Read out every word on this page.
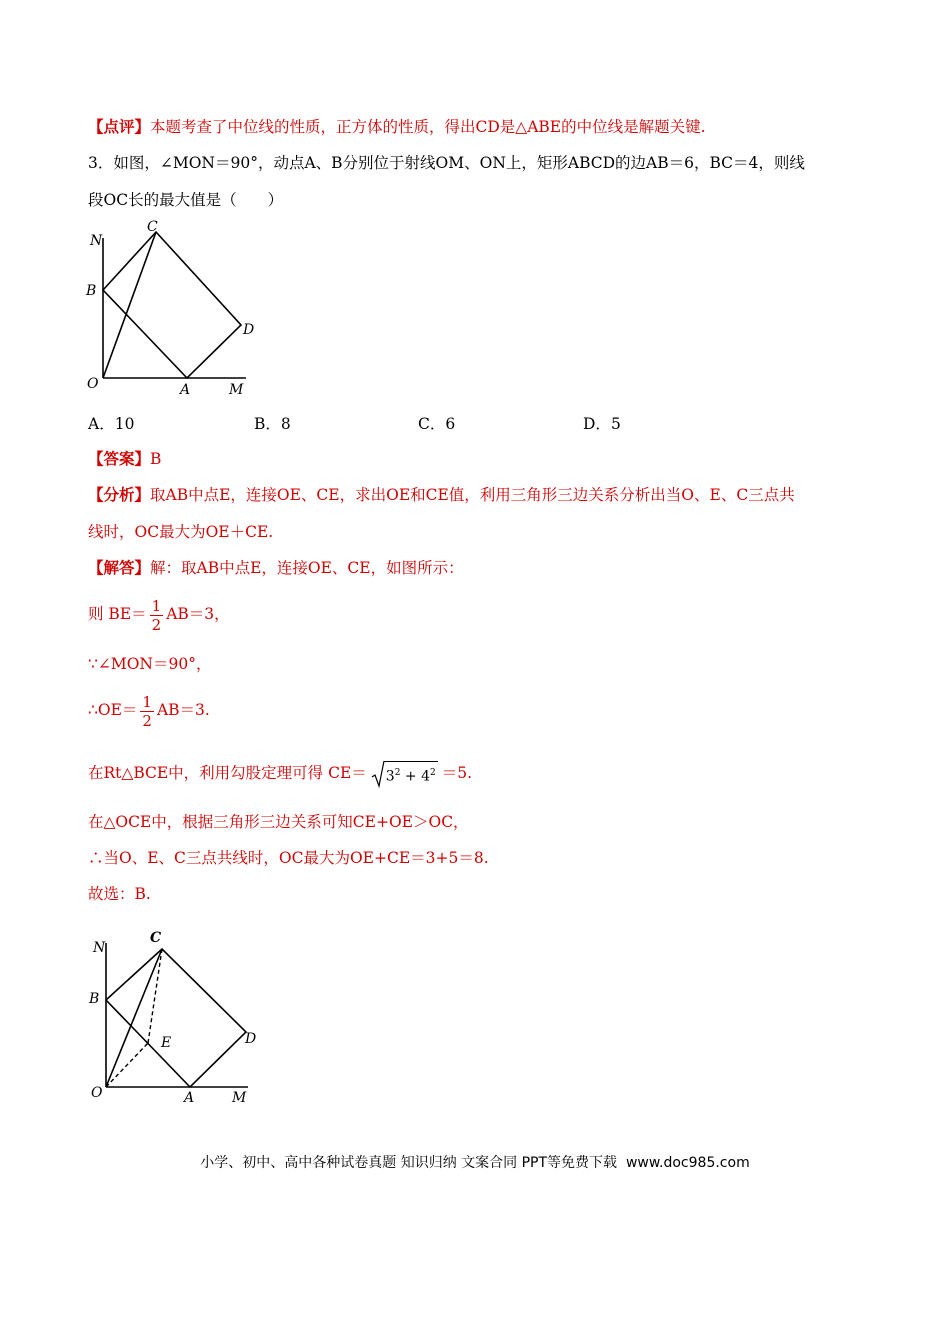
【点评】本题考查了中位线的性质，正方体的性质，得出CD是△ABE的中位线是解题关键.
3．如图，∠MON＝90°，动点A、B分别位于射线OM、ON上，矩形ABCD的边AB＝6，BC＝4，则线
段OC长的最大值是（　　）
N
C
B
D
O	A	M
A．10	B．8	C．6	D．5
【答案】B
【分析】取AB中点E，连接OE、CE，求出OE和CE值，利用三角形三边关系分析出当O、E、C三点共
线时，OC最大为OE＋CE.
【解答】解：取AB中点E，连接OE、CE，如图所示：
则 $BE= \frac{1}{2} AB=3$，
∵∠MON＝90°，
∴OE＝ $\frac{1}{2} AB=3$.
在Rt△BCE中，利用勾股定理可得 $CE= 3^2 + 4^2 =5$.
在△OCE中，根据三角形三边关系可知CE+OE＞OC，
∴当O、E、C三点共线时，OC最大为OE+CE＝3+5＝8.
故选：B.
N
C
B
E	D
O	A	M
小学、初中、高中各种试卷真题 知识归纳 文案合同 PPT等免费下载 www.doc985.com
